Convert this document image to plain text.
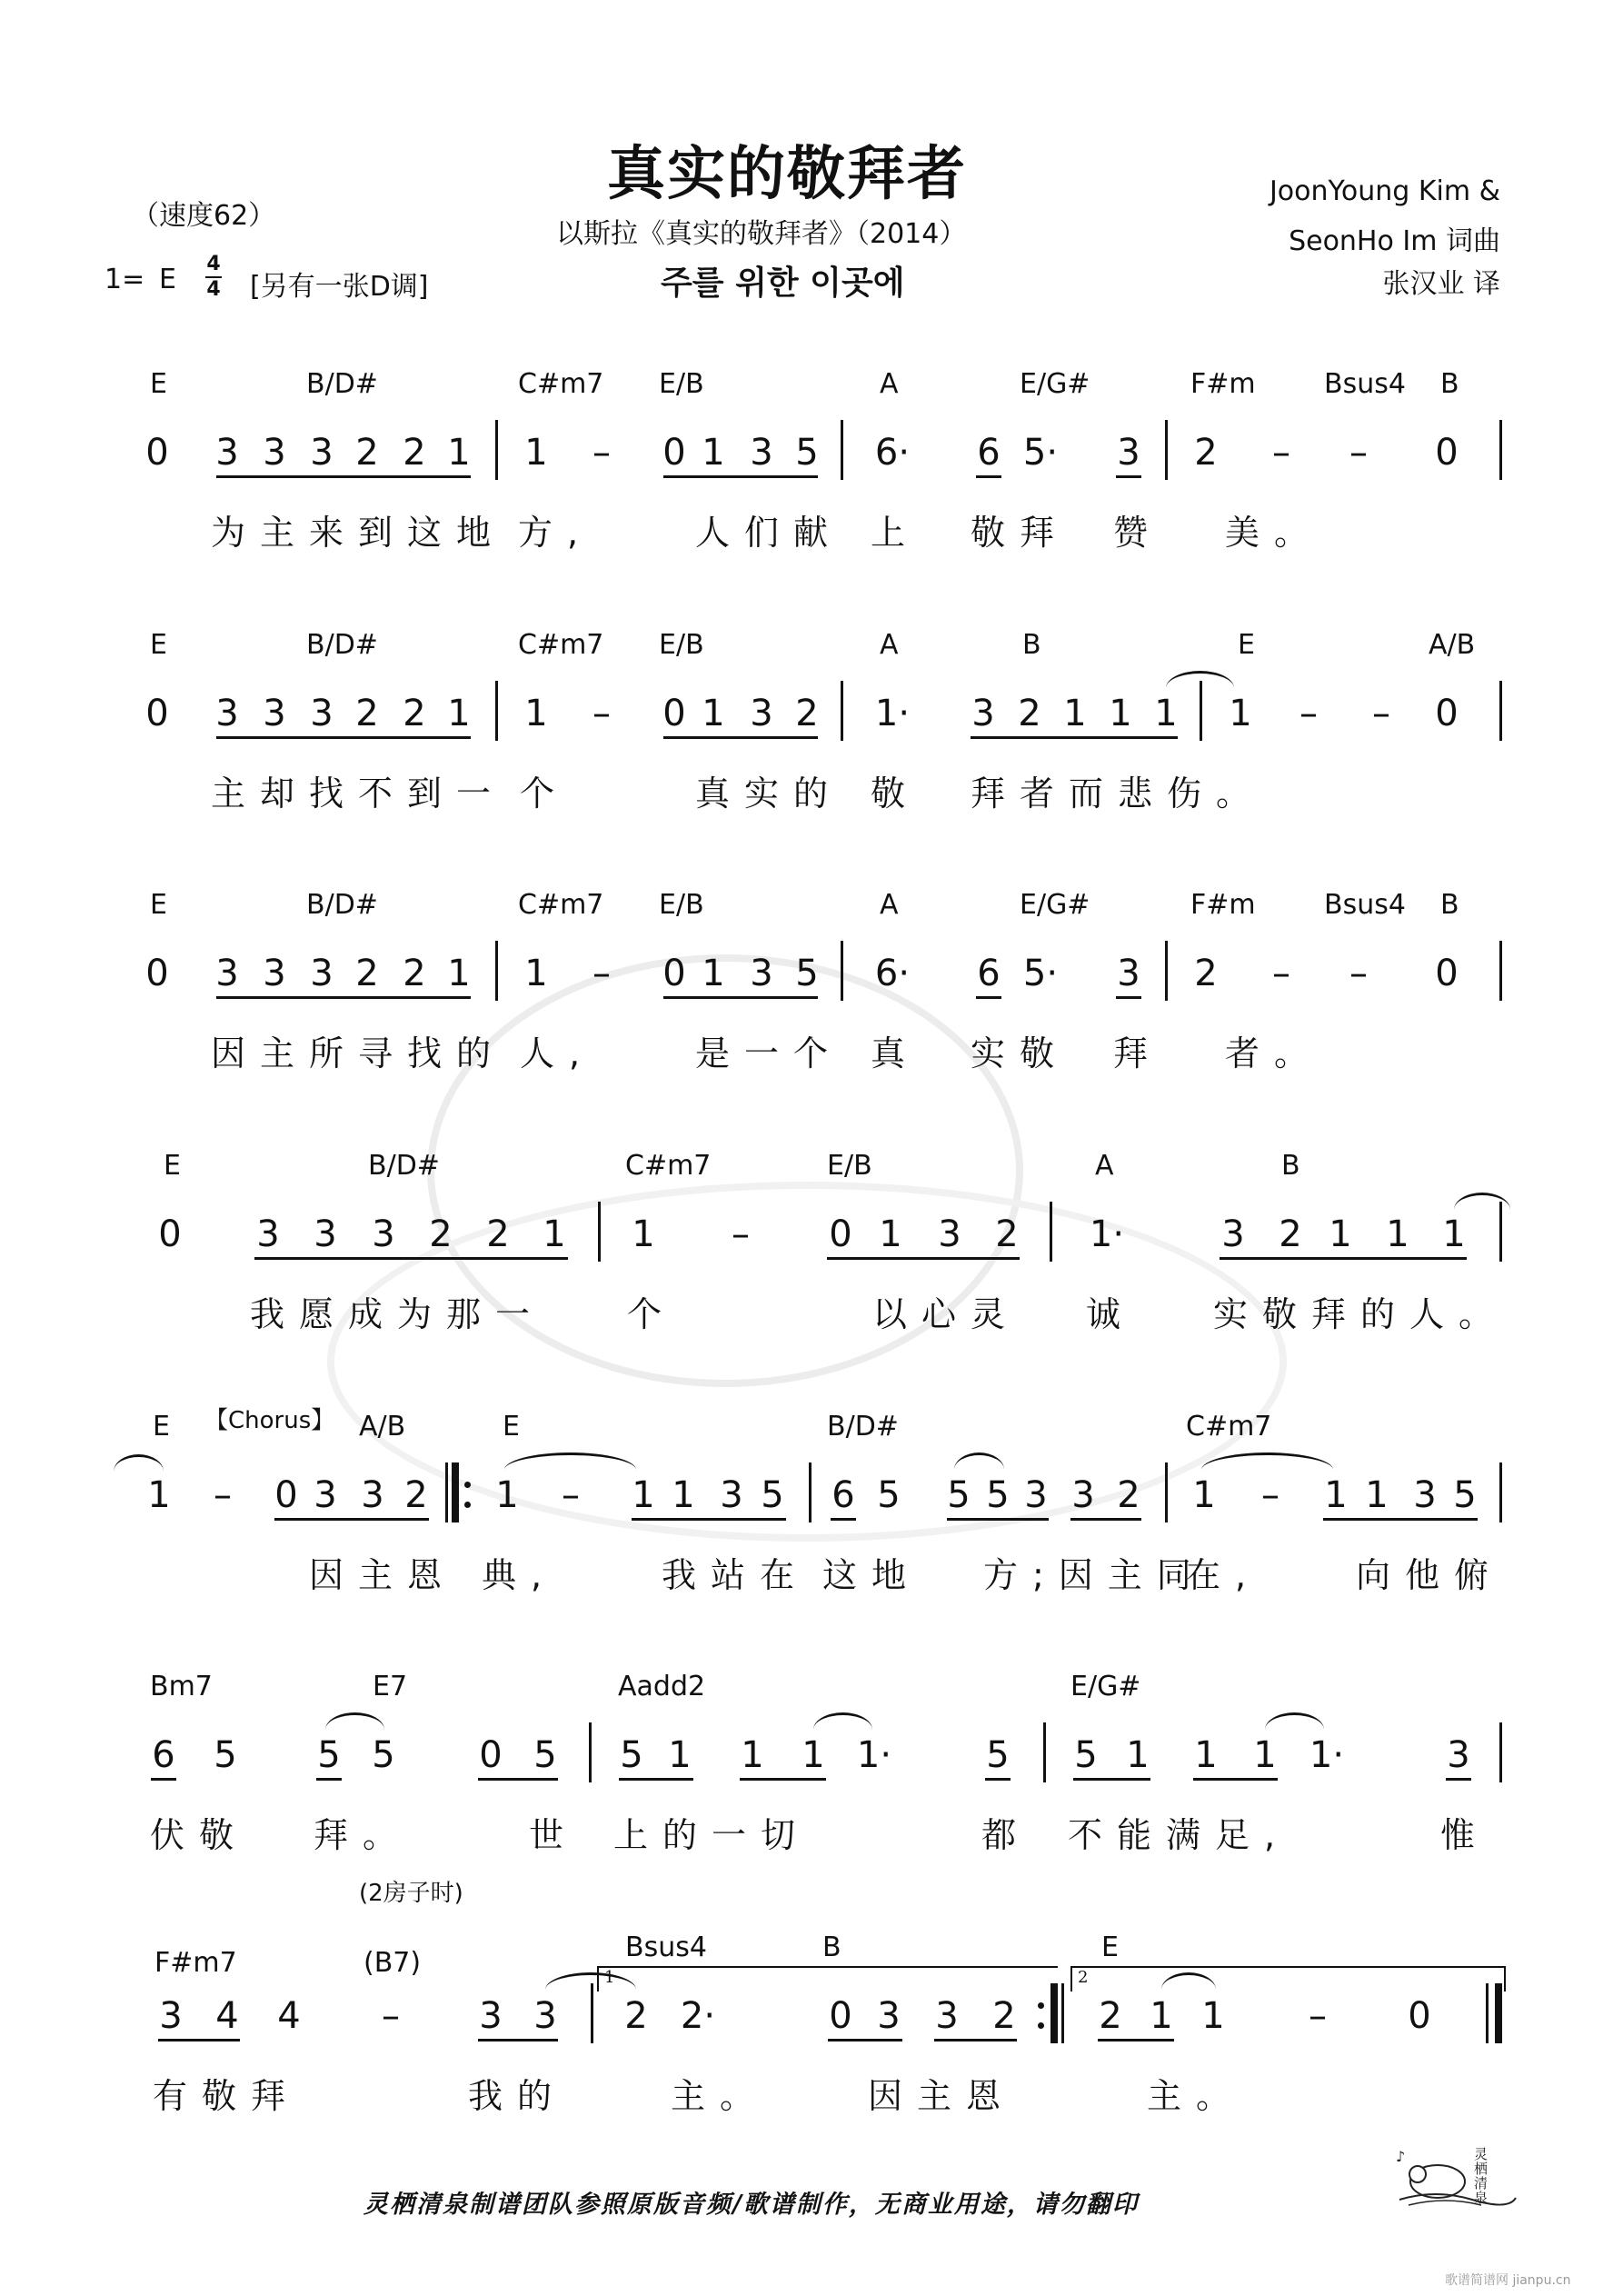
真实的敬拜者
以斯拉《真实的敬拜者》（2014）
주를 위한 이곳에
（速度62）
1= E 4
4 [另有一张D调]
JoonYoung Kim &
SeonHo Im 词曲
张汉业 译
E	B/D#	C#m7 E/B	A	E/G#	F#m	Bsus4 B
0 3 3 3 2 2 1 1 – 0 1 3 5 6· 6 5· 3 2 – – 0
为主来到这地 方,	人们献 上 敬拜 赞 美。
E	B/D#	C#m7 E/B	A	B	E	A/B
0 3 3 3 2 2 1 1 – 0 1 3 2 1· 3 2 1 1 1 1 – – 0
主却找不到一 个	真实的 敬 拜者而悲伤。
E	B/D#	C#m7 E/B	A	E/G#	F#m	Bsus4 B
0 3 3 3 2 2 1 1 – 0 1 3 5 6· 6 5· 3 2 – – 0
因主所寻找的 人,	是一个 真 实敬 拜 者。
E	B/D#	C#m7	E/B	A	B
0 3 3 3 2 2 1 1 – 0 1 3 2 1·	3 2 1 1 1
我愿成为那一 个	以心灵 诚 实敬拜的人。
E 【Chorus】 A/B	E	B/D#	C#m7
1 – 0 3 3 2 1 – 1 1 3 5 6 5 5 5 3 3 2 1 – 1 1 3 5
因主恩 典,	我站在 这地 方;因主同
在,	向他俯
Bm7	E7	Aadd2	E/G#
6 5 5 5 0 5 5 1 1 1 1·	5 5 1 1 1 1·	3
伏敬 拜。	世 上的一切	都 不能满足,	惟
(2房子时)
F#m7	(B7)	Bsus4	B	E
1	2
3 4 4 – 3 3 2 2·	0 3 3 2 2 1 1 – 0
有敬拜	我的	主。	因主恩	主。
灵栖清泉制谱团队参照原版音频/歌谱制作，无商业用途，请勿翻印
♪	灵栖清泉
歌谱简谱网 jianpu.cn
